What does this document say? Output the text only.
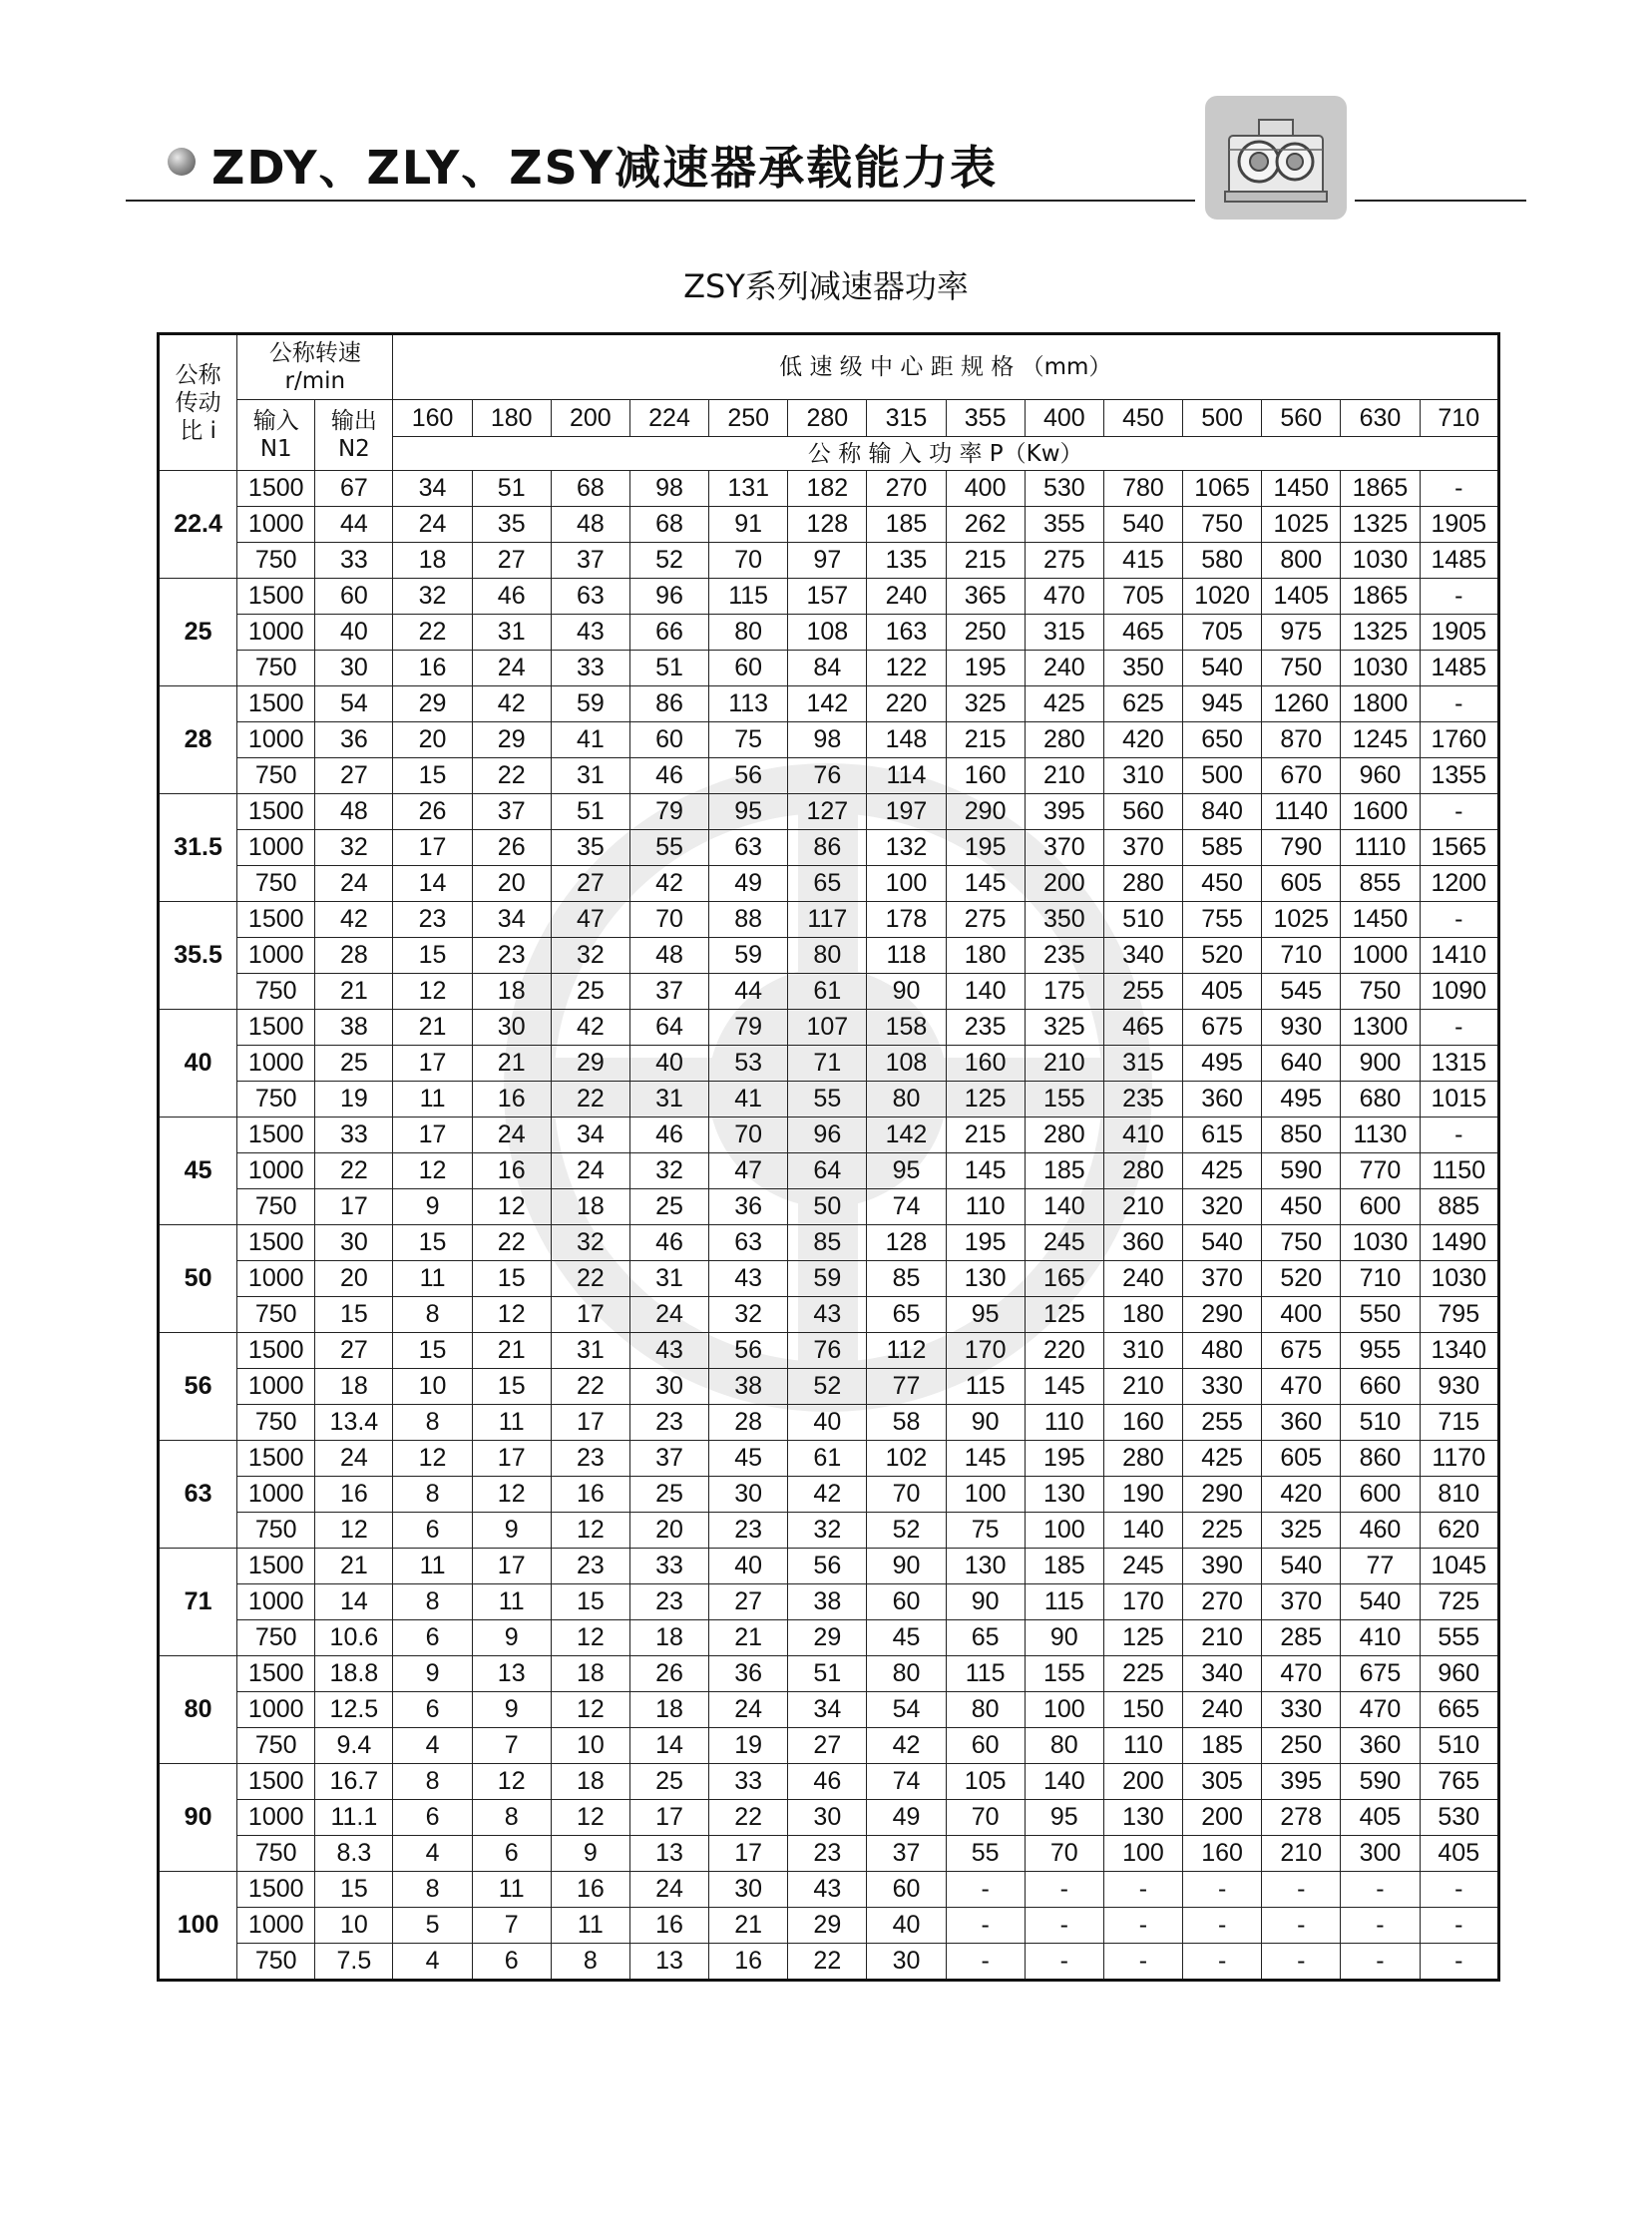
ZDY、ZLY、ZSY减速器承载能力表
ZSY系列减速器功率
公称
传动
比 i	公称转速
r/min		低 速 级 中 心 距 规 格 （mm）													
	输入
N1	输出
N2	160	180	200	224	250	280	315	355	400	450	500	560	630	710
			公 称 输 入 功 率 P（Kw）													
22.4	1500	67	34	51	68	98	131	182	270	400	530	780	1065	1450	1865	-
	1000	44	24	35	48	68	91	128	185	262	355	540	750	1025	1325	1905
	750	33	18	27	37	52	70	97	135	215	275	415	580	800	1030	1485
25	1500	60	32	46	63	96	115	157	240	365	470	705	1020	1405	1865	-
	1000	40	22	31	43	66	80	108	163	250	315	465	705	975	1325	1905
	750	30	16	24	33	51	60	84	122	195	240	350	540	750	1030	1485
28	1500	54	29	42	59	86	113	142	220	325	425	625	945	1260	1800	-
	1000	36	20	29	41	60	75	98	148	215	280	420	650	870	1245	1760
	750	27	15	22	31	46	56	76	114	160	210	310	500	670	960	1355
31.5	1500	48	26	37	51	79	95	127	197	290	395	560	840	1140	1600	-
	1000	32	17	26	35	55	63	86	132	195	370	370	585	790	1110	1565
	750	24	14	20	27	42	49	65	100	145	200	280	450	605	855	1200
35.5	1500	42	23	34	47	70	88	117	178	275	350	510	755	1025	1450	-
	1000	28	15	23	32	48	59	80	118	180	235	340	520	710	1000	1410
	750	21	12	18	25	37	44	61	90	140	175	255	405	545	750	1090
40	1500	38	21	30	42	64	79	107	158	235	325	465	675	930	1300	-
	1000	25	17	21	29	40	53	71	108	160	210	315	495	640	900	1315
	750	19	11	16	22	31	41	55	80	125	155	235	360	495	680	1015
45	1500	33	17	24	34	46	70	96	142	215	280	410	615	850	1130	-
	1000	22	12	16	24	32	47	64	95	145	185	280	425	590	770	1150
	750	17	9	12	18	25	36	50	74	110	140	210	320	450	600	885
50	1500	30	15	22	32	46	63	85	128	195	245	360	540	750	1030	1490
	1000	20	11	15	22	31	43	59	85	130	165	240	370	520	710	1030
	750	15	8	12	17	24	32	43	65	95	125	180	290	400	550	795
56	1500	27	15	21	31	43	56	76	112	170	220	310	480	675	955	1340
	1000	18	10	15	22	30	38	52	77	115	145	210	330	470	660	930
	750	13.4	8	11	17	23	28	40	58	90	110	160	255	360	510	715
63	1500	24	12	17	23	37	45	61	102	145	195	280	425	605	860	1170
	1000	16	8	12	16	25	30	42	70	100	130	190	290	420	600	810
	750	12	6	9	12	20	23	32	52	75	100	140	225	325	460	620
71	1500	21	11	17	23	33	40	56	90	130	185	245	390	540	77	1045
	1000	14	8	11	15	23	27	38	60	90	115	170	270	370	540	725
	750	10.6	6	9	12	18	21	29	45	65	90	125	210	285	410	555
80	1500	18.8	9	13	18	26	36	51	80	115	155	225	340	470	675	960
	1000	12.5	6	9	12	18	24	34	54	80	100	150	240	330	470	665
	750	9.4	4	7	10	14	19	27	42	60	80	110	185	250	360	510
90	1500	16.7	8	12	18	25	33	46	74	105	140	200	305	395	590	765
	1000	11.1	6	8	12	17	22	30	49	70	95	130	200	278	405	530
	750	8.3	4	6	9	13	17	23	37	55	70	100	160	210	300	405
100	1500	15	8	11	16	24	30	43	60	-	-	-	-	-	-	-
	1000	10	5	7	11	16	21	29	40	-	-	-	-	-	-	-
	750	7.5	4	6	8	13	16	22	30	-	-	-	-	-	-	-
